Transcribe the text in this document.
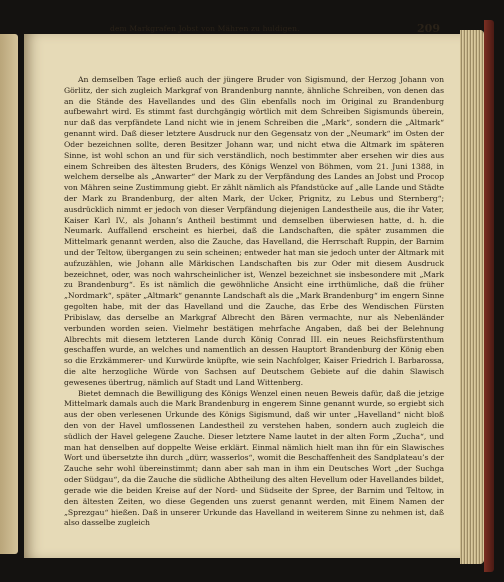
dem Markgrafen Jobst von Mähren zu huldigen.	209

An demselben Tage erließ auch der jüngere Bruder von Sigismund, der Herzog Johann von Görlitz, der sich zugleich Markgraf von Brandenburg nannte, ähnliche Schreiben, von denen das an die Stände des Havellandes und des Glin ebenfalls noch im Original zu Brandenburg aufbewahrt wird. Es stimmt fast durchgängig wörtlich mit dem Schreiben Sigismunds überein, nur daß das verpfändete Land nicht wie in jenem Schreiben die „Mark“, sondern die „Altmark“ genannt wird. Daß dieser letztere Ausdruck nur den Gegensatz von der „Neumark“ im Osten der Oder bezeichnen sollte, deren Besitzer Johann war, und nicht etwa die Altmark im späteren Sinne, ist wohl schon an und für sich verständlich, noch bestimmter aber ersehen wir dies aus einem Schreiben des ältesten Bruders, des Königs Wenzel von Böhmen, vom 21. Juni 1388, in welchem derselbe als „Anwarter“ der Mark zu der Verpfändung des Landes an Jobst und Procop von Mähren seine Zustimmung giebt. Er zählt nämlich als Pfandstücke auf „alle Lande und Städte der Mark zu Brandenburg, der alten Mark, der Ucker, Prignitz, zu Lebus und Sternberg“; ausdrücklich nimmt er jedoch von dieser Verpfändung diejenigen Landestheile aus, die ihr Vater, Kaiser Karl IV., als Johann’s Antheil bestimmt und demselben überwiesen hatte, d. h. die Neumark. Auffallend erscheint es hierbei, daß die Landschaften, die später zusammen die Mittelmark genannt werden, also die Zauche, das Havelland, die Herrschaft Ruppin, der Barnim und der Teltow, übergangen zu sein scheinen; entweder hat man sie jedoch unter der Altmark mit aufzuzählen, wie Johann alle Märkischen Landschaften bis zur Oder mit diesem Ausdruck bezeichnet, oder, was noch wahrscheinlicher ist, Wenzel bezeichnet sie insbesondere mit „Mark zu Brandenburg“. Es ist nämlich die gewöhnliche Ansicht eine irrthümliche, daß die früher „Nordmark“, später „Altmark“ genannte Landschaft als die „Mark Brandenburg“ im engern Sinne gegolten habe, mit der das Havelland und die Zauche, das Erbe des Wendischen Fürsten Pribislaw, das derselbe an Markgraf Albrecht den Bären vermachte, nur als Nebenländer verbunden worden seien. Vielmehr bestätigen mehrfache Angaben, daß bei der Belehnung Albrechts mit diesem letzteren Lande durch König Conrad III. ein neues Reichsfürstenthum geschaffen wurde, an welches und namentlich an dessen Hauptort Brandenburg der König eben so die Erzkämmerer- und Kurwürde knüpfte, wie sein Nachfolger, Kaiser Friedrich I. Barbarossa, die alte herzogliche Würde von Sachsen auf Deutschem Gebiete auf die dahin Slawisch gewesenes übertrug, nämlich auf Stadt und Land Wittenberg.

Bietet demnach die Bewilligung des Königs Wenzel einen neuen Beweis dafür, daß die jetzige Mittelmark damals auch die Mark Brandenburg in engerem Sinne genannt wurde, so ergiebt sich aus der oben verlesenen Urkunde des Königs Sigismund, daß wir unter „Havelland“ nicht bloß den von der Havel umflossenen Landestheil zu verstehen haben, sondern auch zugleich die südlich der Havel gelegene Zauche. Dieser letztere Name lautet in der alten Form „Zucha“, und man hat denselben auf doppelte Weise erklärt. Einmal nämlich hielt man ihn für ein Slawisches Wort und übersetzte ihn durch „dürr, wasserlos“, womit die Beschaffenheit des Sandplateau’s der Zauche sehr wohl übereinstimmt; dann aber sah man in ihm ein Deutsches Wort „der Suchga oder Südgau“, da die Zauche die südliche Abtheilung des alten Hevellum oder Havellandes bildet, gerade wie die beiden Kreise auf der Nord- und Südseite der Spree, der Barnim und Teltow, in den ältesten Zeiten, wo diese Gegenden uns zuerst genannt werden, mit Einem Namen der „Sprezgau“ hießen. Daß in unserer Urkunde das Havelland in weiterem Sinne zu nehmen ist, daß also dasselbe zugleich
